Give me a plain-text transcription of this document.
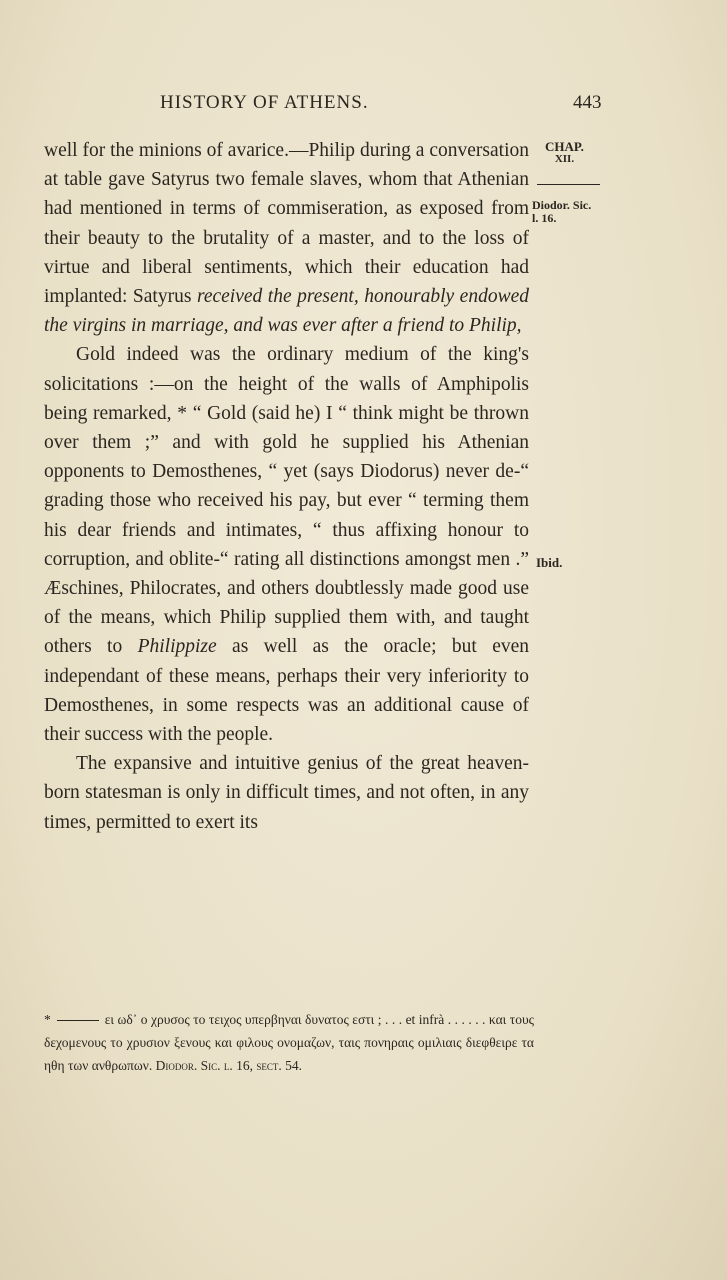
HISTORY OF ATHENS.	443
CHAP.
XII.
Diodor. Sic.
l. 16.
Ibid.

well for the minions of avarice.—Philip during a conversation at table gave Satyrus two female slaves, whom that Athenian had mentioned in terms of commiseration, as exposed from their beauty to the brutality of a master, and to the loss of virtue and liberal sentiments, which their education had implanted: Satyrus received the present, honourably endowed the virgins in marriage, and was ever after a friend to Philip,

Gold indeed was the ordinary medium of the king's solicitations :—on the height of the walls of Amphipolis being remarked, * “ Gold (said he) I “ think might be thrown over them ;” and with gold he supplied his Athenian opponents to Demosthenes, “ yet (says Diodorus) never de-“ grading those who received his pay, but ever “ terming them his dear friends and intimates, “ thus affixing honour to corruption, and oblite-“ rating all distinctions amongst men .” Æschines, Philocrates, and others doubtlessly made good use of the means, which Philip supplied them with, and taught others to Philippize as well as the oracle; but even independant of these means, perhaps their very inferiority to Demosthenes, in some respects was an additional cause of their success with the people.

The expansive and intuitive genius of the great heaven-born statesman is only in difficult times, and not often, in any times, permitted to exert its

*	ει ωδ᾽ ο χρυσος το τειχος υπερβηναι δυνατος εστι ; . . . et infrà . . . . . . και τους δεχομενους το χρυσιον ξενους και φιλους ονομαζων, ταις πονηραις ομιλιαις διεφθειρε τα ηθη των ανθρωπων. Diodor. Sic. l. 16, sect. 54.
